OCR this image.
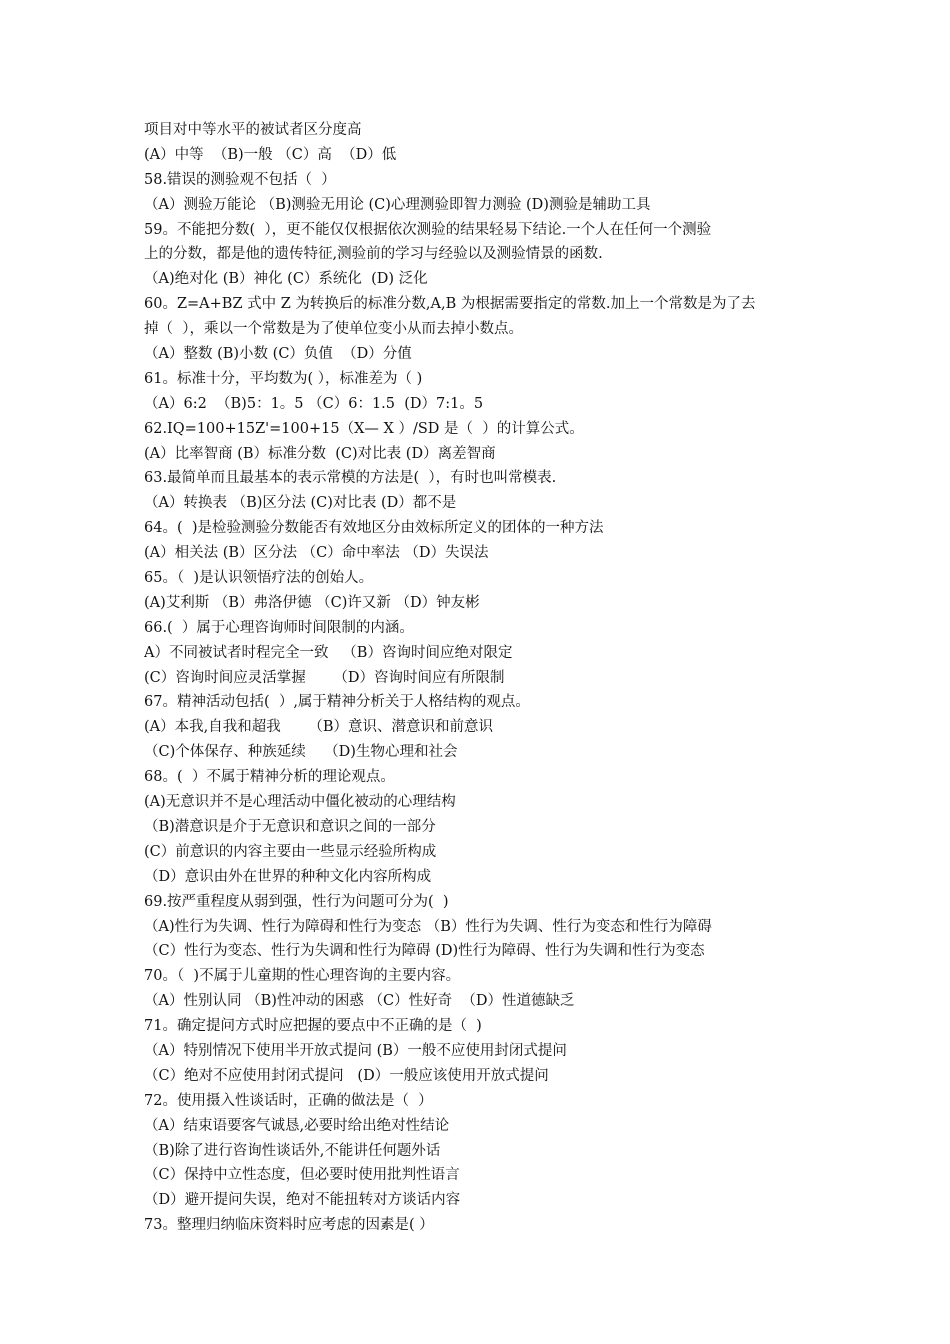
项目对中等水平的被试者区分度高
(A）中等  （B)一般 （C）高  （D）低
58.错误的测验观不包括（  ）
（A）测验万能论 （B)测验无用论 (C)心理测验即智力测验 (D)测验是辅助工具
59。不能把分数(  ），更不能仅仅根据依次测验的结果轻易下结论.一个人在任何一个测验
上的分数，都是他的遗传特征,测验前的学习与经验以及测验情景的函数.
（A)绝对化 (B）神化 (C）系统化  (D) 泛化
60。Z=A+BZ 式中 Z 为转换后的标准分数,A,B 为根据需要指定的常数.加上一个常数是为了去
掉（  ），乘以一个常数是为了使单位变小从而去掉小数点。
（A）整数 (B)小数 (C）负值  （D）分值
61。标准十分，平均数为( ），标准差为（ )
（A）6:2  （B)5：1。5 （C）6：1.5  (D）7:1。5
62.IQ=100+15Z'=100+15（X— X ）/SD 是（  ）的计算公式。
(A）比率智商 (B）标准分数  (C)对比表 (D）离差智商
63.最简单而且最基本的表示常模的方法是(  ），有时也叫常模表.
（A）转换表 （B)区分法 (C)对比表 (D）都不是
64。(  )是检验测验分数能否有效地区分由效标所定义的团体的一种方法
(A）相关法 (B）区分法 （C）命中率法 （D）失误法
65。（  )是认识领悟疗法的创始人。
(A)艾利斯 （B）弗洛伊德 （C)许又新 （D）钟友彬
66.(  ）属于心理咨询师时间限制的内涵。
A）不同被试者时程完全一致   （B）咨询时间应绝对限定
(C）咨询时间应灵活掌握      （D）咨询时间应有所限制
67。精神活动包括(  ）,属于精神分析关于人格结构的观点。
(A）本我,自我和超我      （B）意识、潜意识和前意识
（C)个体保存、种族延续    （D)生物心理和社会
68。(  ）不属于精神分析的理论观点。
(A)无意识并不是心理活动中僵化被动的心理结构
（B)潜意识是介于无意识和意识之间的一部分
(C）前意识的内容主要由一些显示经验所构成
（D）意识由外在世界的种种文化内容所构成
69.按严重程度从弱到强，性行为问题可分为(  )
（A)性行为失调、性行为障碍和性行为变态 （B）性行为失调、性行为变态和性行为障碍
（C）性行为变态、性行为失调和性行为障碍 (D)性行为障碍、性行为失调和性行为变态
70。（  )不属于儿童期的性心理咨询的主要内容。
（A）性别认同 （B)性冲动的困惑 （C）性好奇  （D）性道德缺乏
71。确定提问方式时应把握的要点中不正确的是（  )
（A）特别情况下使用半开放式提问 (B）一般不应使用封闭式提问
（C）绝对不应使用封闭式提问   (D）一般应该使用开放式提问
72。使用摄入性谈话时，正确的做法是（  ）
（A）结束语要客气诚恳,必要时给出绝对性结论
（B)除了进行咨询性谈话外,不能讲任何题外话
（C）保持中立性态度，但必要时使用批判性语言
（D）避开提问失误，绝对不能扭转对方谈话内容
73。整理归纳临床资料时应考虑的因素是( ）
